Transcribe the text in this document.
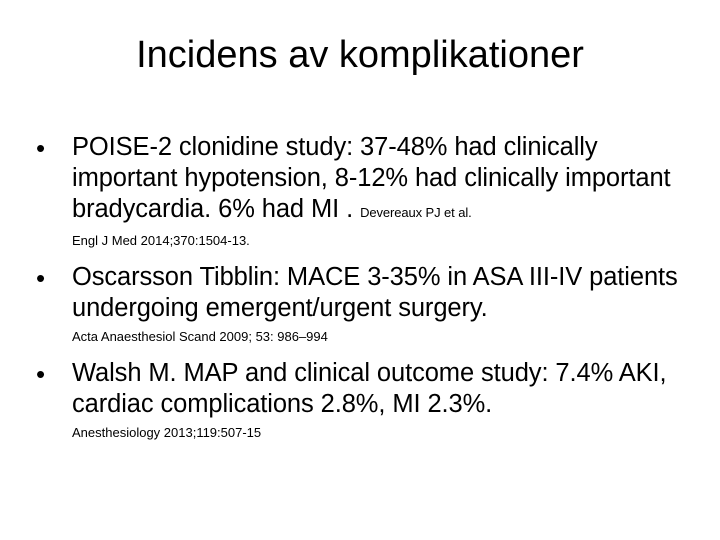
Incidens av komplikationer
• POISE-2 clonidine study: 37-48% had clinically important hypotension, 8-12% had clinically important bradycardia. 6% had MI . Devereaux PJ et al.
Engl J Med 2014;370:1504-13.
• Oscarsson Tibblin: MACE 3-35% in ASA III-IV patients undergoing emergent/urgent surgery.
Acta Anaesthesiol Scand 2009; 53: 986–994
• Walsh M. MAP and clinical outcome study: 7.4% AKI, cardiac complications 2.8%, MI 2.3%.
Anesthesiology 2013;119:507-15
